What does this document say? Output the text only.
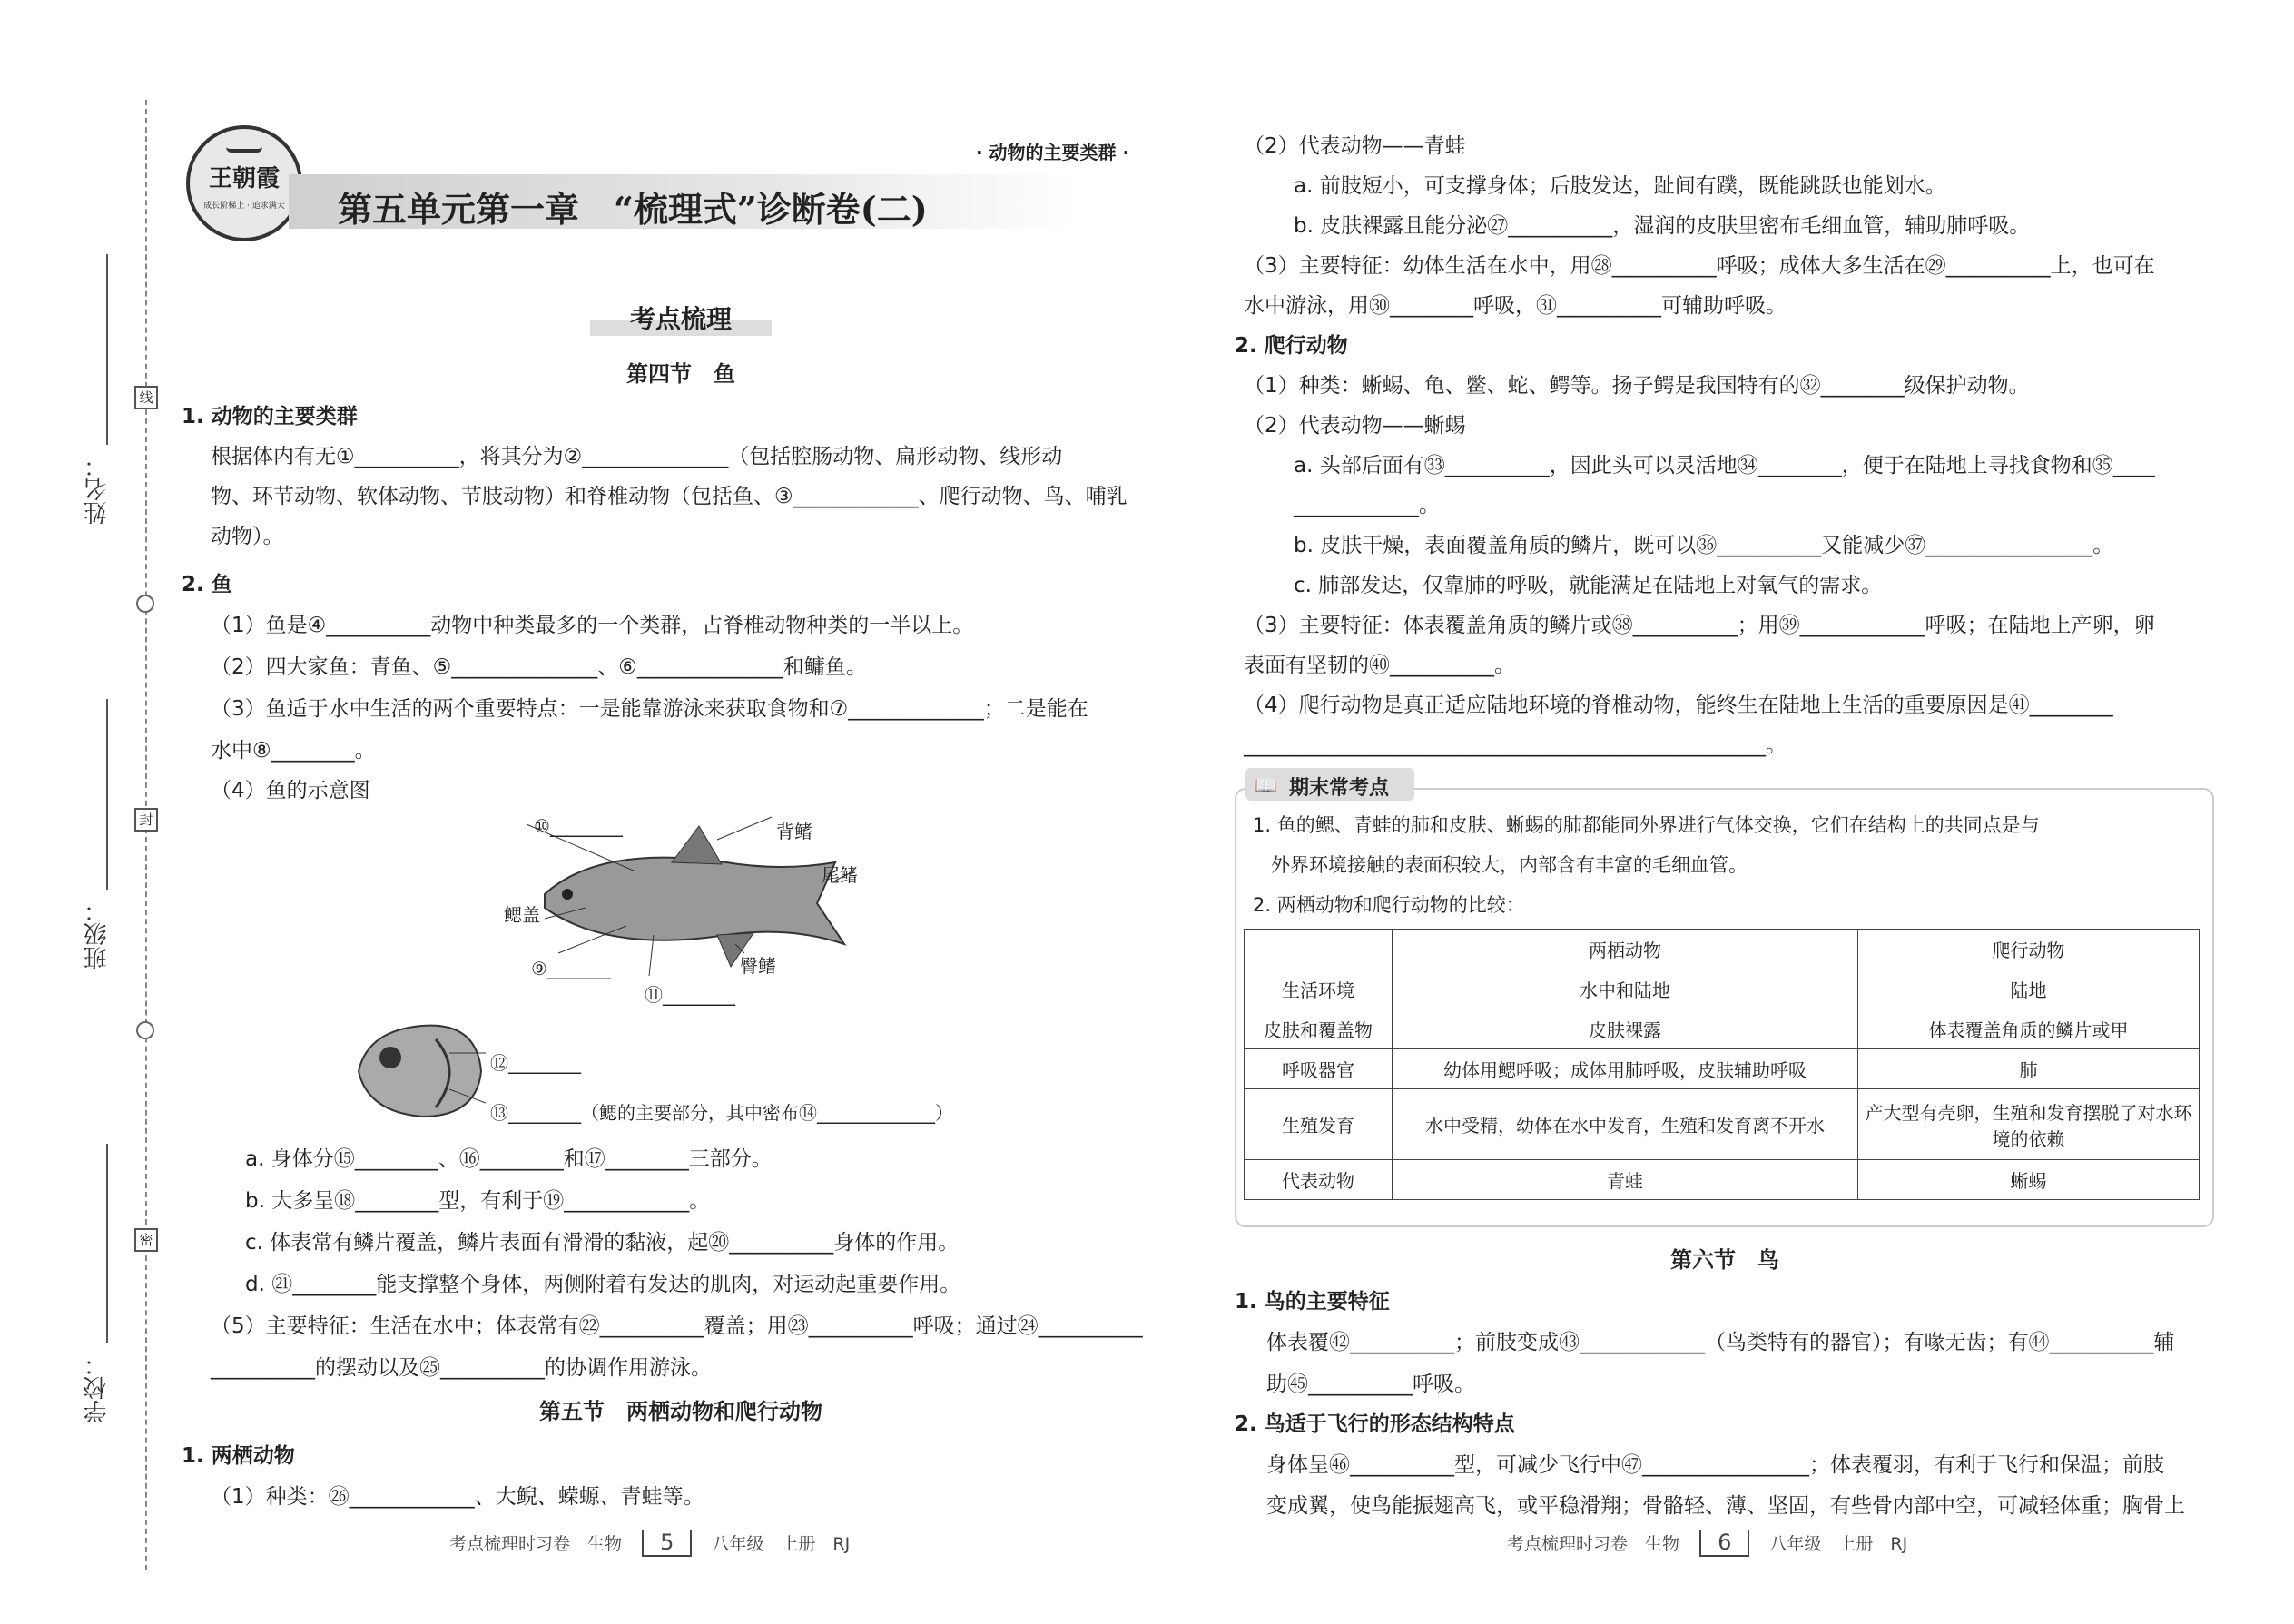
姓名：
班级：
学校：
线
封
密
王朝霞
成长阶梯上 · 追求满天
· 动物的主要类群 ·
第五单元第一章　“梳理式”诊断卷(二)
考点梳理
第四节　鱼
1. 动物的主要类群
根据体内有无①__________，将其分为②______________（包括腔肠动物、扁形动物、线形动
物、环节动物、软体动物、节肢动物）和脊椎动物（包括鱼、③____________、爬行动物、鸟、哺乳
动物）。
2. 鱼
（1）鱼是④__________动物中种类最多的一个类群，占脊椎动物种类的一半以上。
（2）四大家鱼：青鱼、⑤______________、⑥______________和鳙鱼。
（3）鱼适于水中生活的两个重要特点：一是能靠游泳来获取食物和⑦_____________；二是能在
水中⑧________。
（4）鱼的示意图
⑩________	背鳍
尾鳍
鳃盖
臀鳍
⑨_______
⑪________
⑫________
⑬________（鳃的主要部分，其中密布⑭_____________）
a. 身体分⑮________、⑯________和⑰________三部分。
b. 大多呈⑱________型，有利于⑲____________。
c. 体表常有鳞片覆盖，鳞片表面有滑滑的黏液，起⑳__________身体的作用。
d. ㉑________能支撑整个身体，两侧附着有发达的肌肉，对运动起重要作用。
（5）主要特征：生活在水中；体表常有㉒__________覆盖；用㉓__________呼吸；通过㉔__________
__________的摆动以及㉕__________的协调作用游泳。
第五节　两栖动物和爬行动物
1. 两栖动物
（1）种类：㉖____________、大鲵、蝾螈、青蛙等。
（2）代表动物——青蛙
a. 前肢短小，可支撑身体；后肢发达，趾间有蹼，既能跳跃也能划水。
b. 皮肤裸露且能分泌㉗__________，湿润的皮肤里密布毛细血管，辅助肺呼吸。
（3）主要特征：幼体生活在水中，用㉘__________呼吸；成体大多生活在㉙__________上，也可在
水中游泳，用㉚________呼吸，㉛__________可辅助呼吸。
2. 爬行动物
（1）种类：蜥蜴、龟、鳖、蛇、鳄等。扬子鳄是我国特有的㉜________级保护动物。
（2）代表动物——蜥蜴
a. 头部后面有㉝__________，因此头可以灵活地㉞________，便于在陆地上寻找食物和㉟____
____________。
b. 皮肤干燥，表面覆盖角质的鳞片，既可以㊱__________又能减少㊲________________。
c. 肺部发达，仅靠肺的呼吸，就能满足在陆地上对氧气的需求。
（3）主要特征：体表覆盖角质的鳞片或㊳__________；用㊴____________呼吸；在陆地上产卵，卵
表面有坚韧的㊵__________。
（4）爬行动物是真正适应陆地环境的脊椎动物，能终生在陆地上生活的重要原因是㊶________
__________________________________________________。
📖 期末常考点
1. 鱼的鳃、青蛙的肺和皮肤、蜥蜴的肺都能同外界进行气体交换，它们在结构上的共同点是与
外界环境接触的表面积较大，内部含有丰富的毛细血管。
2. 两栖动物和爬行动物的比较：
	两栖动物	爬行动物
生活环境	水中和陆地	陆地
皮肤和覆盖物	皮肤裸露	体表覆盖角质的鳞片或甲
呼吸器官	幼体用鳃呼吸；成体用肺呼吸，皮肤辅助呼吸	肺
生殖发育	水中受精，幼体在水中发育，生殖和发育离不开水	产大型有壳卵，生殖和发育摆脱了对水环境的依赖
代表动物	青蛙	蜥蜴
第六节　鸟
1. 鸟的主要特征
体表覆㊷__________；前肢变成㊸____________（鸟类特有的器官）；有喙无齿；有㊹__________辅
助㊺__________呼吸。
2. 鸟适于飞行的形态结构特点
身体呈㊻__________型，可减少飞行中㊼________________；体表覆羽，有利于飞行和保温；前肢
变成翼，使鸟能振翅高飞，或平稳滑翔；骨骼轻、薄、坚固，有些骨内部中空，可减轻体重；胸骨上
考点梳理时习卷　生物 5 八年级　上册　RJ	考点梳理时习卷　生物 6 八年级　上册　RJ
